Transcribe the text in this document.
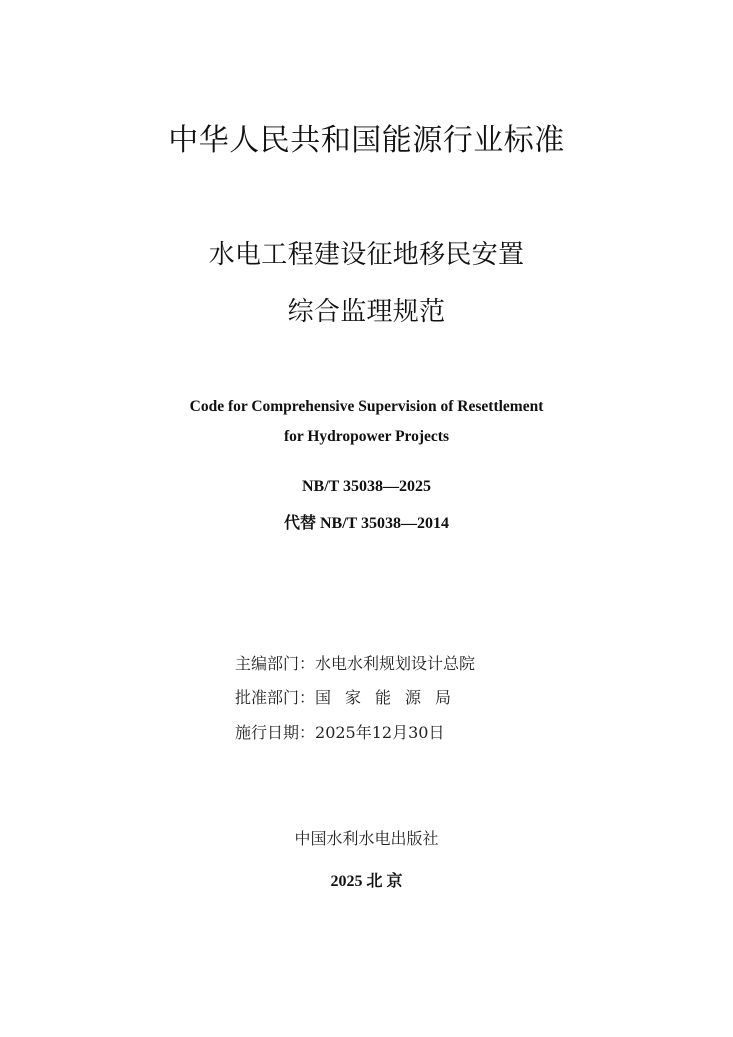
中华人民共和国能源行业标准
水电工程建设征地移民安置
综合监理规范
Code for Comprehensive Supervision of Resettlement
for Hydropower Projects
NB/T 35038—2025
代替 NB/T 35038—2014
主编部门：水电水利规划设计总院
批准部门：国家能源局
施行日期：2025年12月30日
中国水利水电出版社
2025 北 京
